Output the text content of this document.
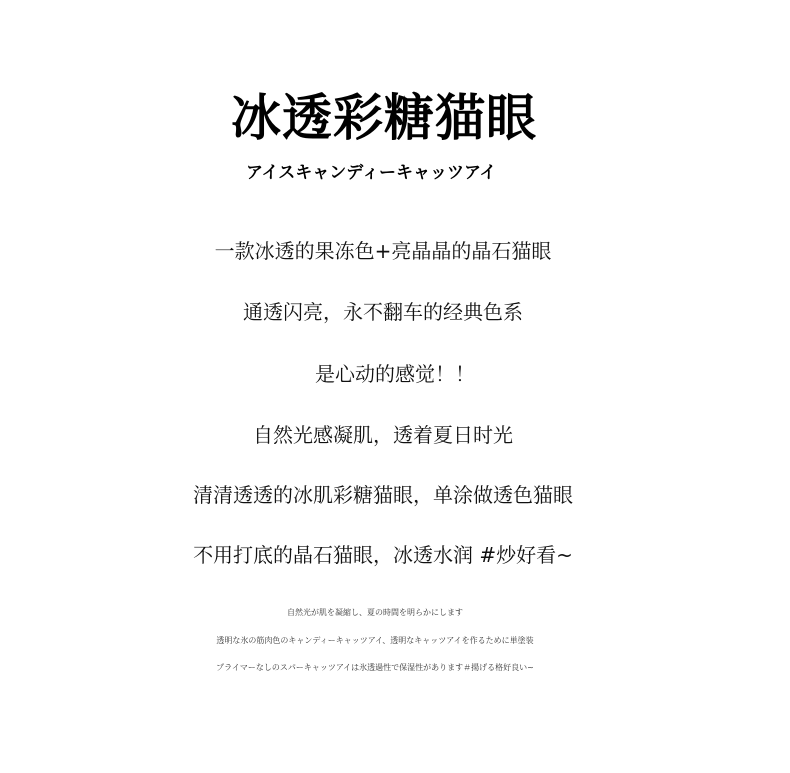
冰透彩糖猫眼
アイスキャンディーキャッツアイ
一款冰透的果冻色+亮晶晶的晶石猫眼
通透闪亮，永不翻车的经典色系
是心动的感觉！！
自然光感凝肌，透着夏日时光
清清透透的冰肌彩糖猫眼，单涂做透色猫眼
不用打底的晶石猫眼，冰透水润 #炒好看~
自然光が肌を凝縮し、夏の時間を明らかにします
透明な氷の筋肉色のキャンディーキャッツアイ、透明なキャッツアイを作るために単塗装
プライマーなしのスパーキャッツアイは氷透過性で保湿性があります＃揚げる格好良い~
